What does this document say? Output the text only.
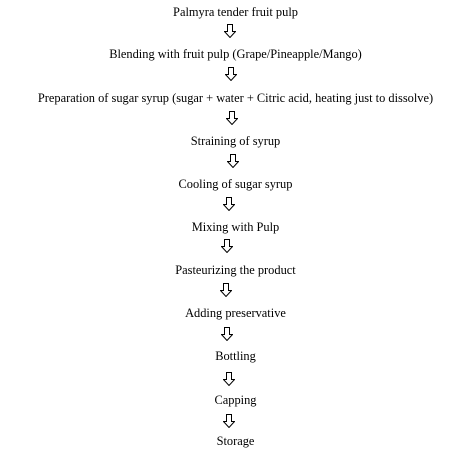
Palmyra tender fruit pulp
Blending with fruit pulp (Grape/Pineapple/Mango)
Preparation of sugar syrup (sugar + water + Citric acid, heating just to dissolve)
Straining of syrup
Cooling of sugar syrup
Mixing with Pulp
Pasteurizing the product
Adding preservative
Bottling
Capping
Storage
